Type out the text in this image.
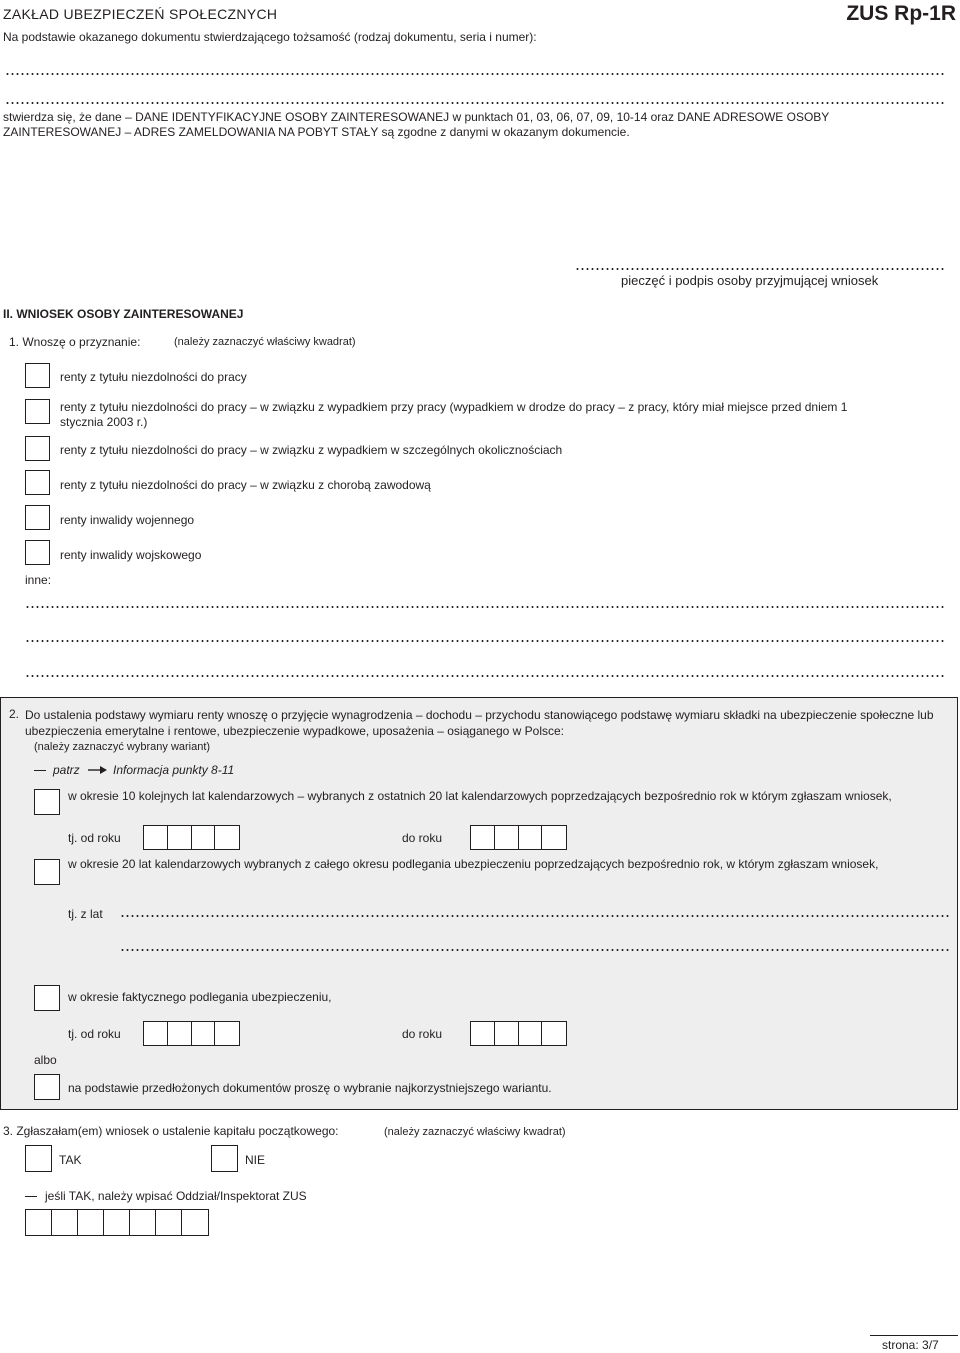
ZAKŁAD UBEZPIECZEŃ SPOŁECZNYCH	ZUS Rp-1R
Na podstawie okazanego dokumentu stwierdzającego tożsamość (rodzaj dokumentu, seria i numer):
stwierdza się, że dane – DANE IDENTYFIKACYJNE OSOBY ZAINTERESOWANEJ w punktach 01, 03, 06, 07, 09, 10-14 oraz DANE ADRESOWE OSOBY ZAINTERESOWANEJ – ADRES ZAMELDOWANIA NA POBYT STAŁY są zgodne z danymi w okazanym dokumencie.
pieczęć i podpis osoby przyjmującej wniosek
II. WNIOSEK OSOBY ZAINTERESOWANEJ
1. Wnoszę o przyznanie:	(należy zaznaczyć właściwy kwadrat)
renty z tytułu niezdolności do pracy
renty z tytułu niezdolności do pracy – w związku z wypadkiem przy pracy (wypadkiem w drodze do pracy – z pracy, który miał miejsce przed dniem 1 stycznia 2003 r.)
renty z tytułu niezdolności do pracy – w związku z wypadkiem w szczególnych okolicznościach
renty z tytułu niezdolności do pracy – w związku z chorobą zawodową
renty inwalidy wojennego
renty inwalidy wojskowego
inne:
2. Do ustalenia podstawy wymiaru renty wnoszę o przyjęcie wynagrodzenia – dochodu – przychodu stanowiącego podstawę wymiaru składki na ubezpieczenie społeczne lub ubezpieczenia emerytalne i rentowe, ubezpieczenie wypadkowe, uposażenia – osiąganego w Polsce:
(należy zaznaczyć wybrany wariant)
patrz	Informacja punkty 8-11
w okresie 10 kolejnych lat kalendarzowych – wybranych z ostatnich 20 lat kalendarzowych poprzedzających bezpośrednio rok w którym zgłaszam wniosek,
tj. od roku	do roku
w okresie 20 lat kalendarzowych wybranych z całego okresu podlegania ubezpieczeniu poprzedzających bezpośrednio rok, w którym zgłaszam wniosek,
tj. z lat
w okresie faktycznego podlegania ubezpieczeniu,
tj. od roku	do roku
albo
na podstawie przedłożonych dokumentów proszę o wybranie najkorzystniejszego wariantu.
3. Zgłaszałam(em) wniosek o ustalenie kapitału początkowego:	(należy zaznaczyć właściwy kwadrat)
TAK	NIE
jeśli TAK, należy wpisać Oddział/Inspektorat ZUS
strona: 3/7
